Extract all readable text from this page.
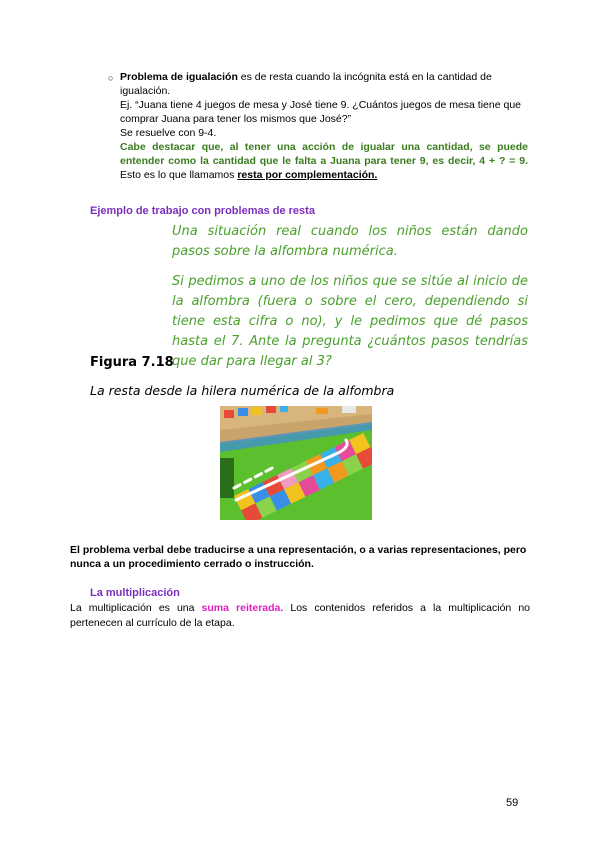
○ Problema de igualación es de resta cuando la incógnita está en la cantidad de igualación.
Ej. “Juana tiene 4 juegos de mesa y José tiene 9. ¿Cuántos juegos de mesa tiene que comprar Juana para tener los mismos que José?”
Se resuelve con 9-4.
Cabe destacar que, al tener una acción de igualar una cantidad, se puede entender como la cantidad que le falta a Juana para tener 9, es decir, 4 + ? = 9. Esto es lo que llamamos resta por complementación.
Ejemplo de trabajo con problemas de resta

Una situación real cuando los niños están dando pasos sobre la alfombra numérica.

Si pedimos a uno de los niños que se sitúe al inicio de la alfombra (fuera o sobre el cero, dependiendo si tiene esta cifra o no), y le pedimos que dé pasos hasta el 7. Ante la pregunta ¿cuántos pasos tendrías que dar para llegar al 3?

Figura 7.18
La resta desde la hilera numérica de la alfombra
El problema verbal debe traducirse a una representación, o a varias representaciones, pero nunca a un procedimiento cerrado o instrucción.
La multiplicación
La multiplicación es una suma reiterada. Los contenidos referidos a la multiplicación no pertenecen al currículo de la etapa.
59
